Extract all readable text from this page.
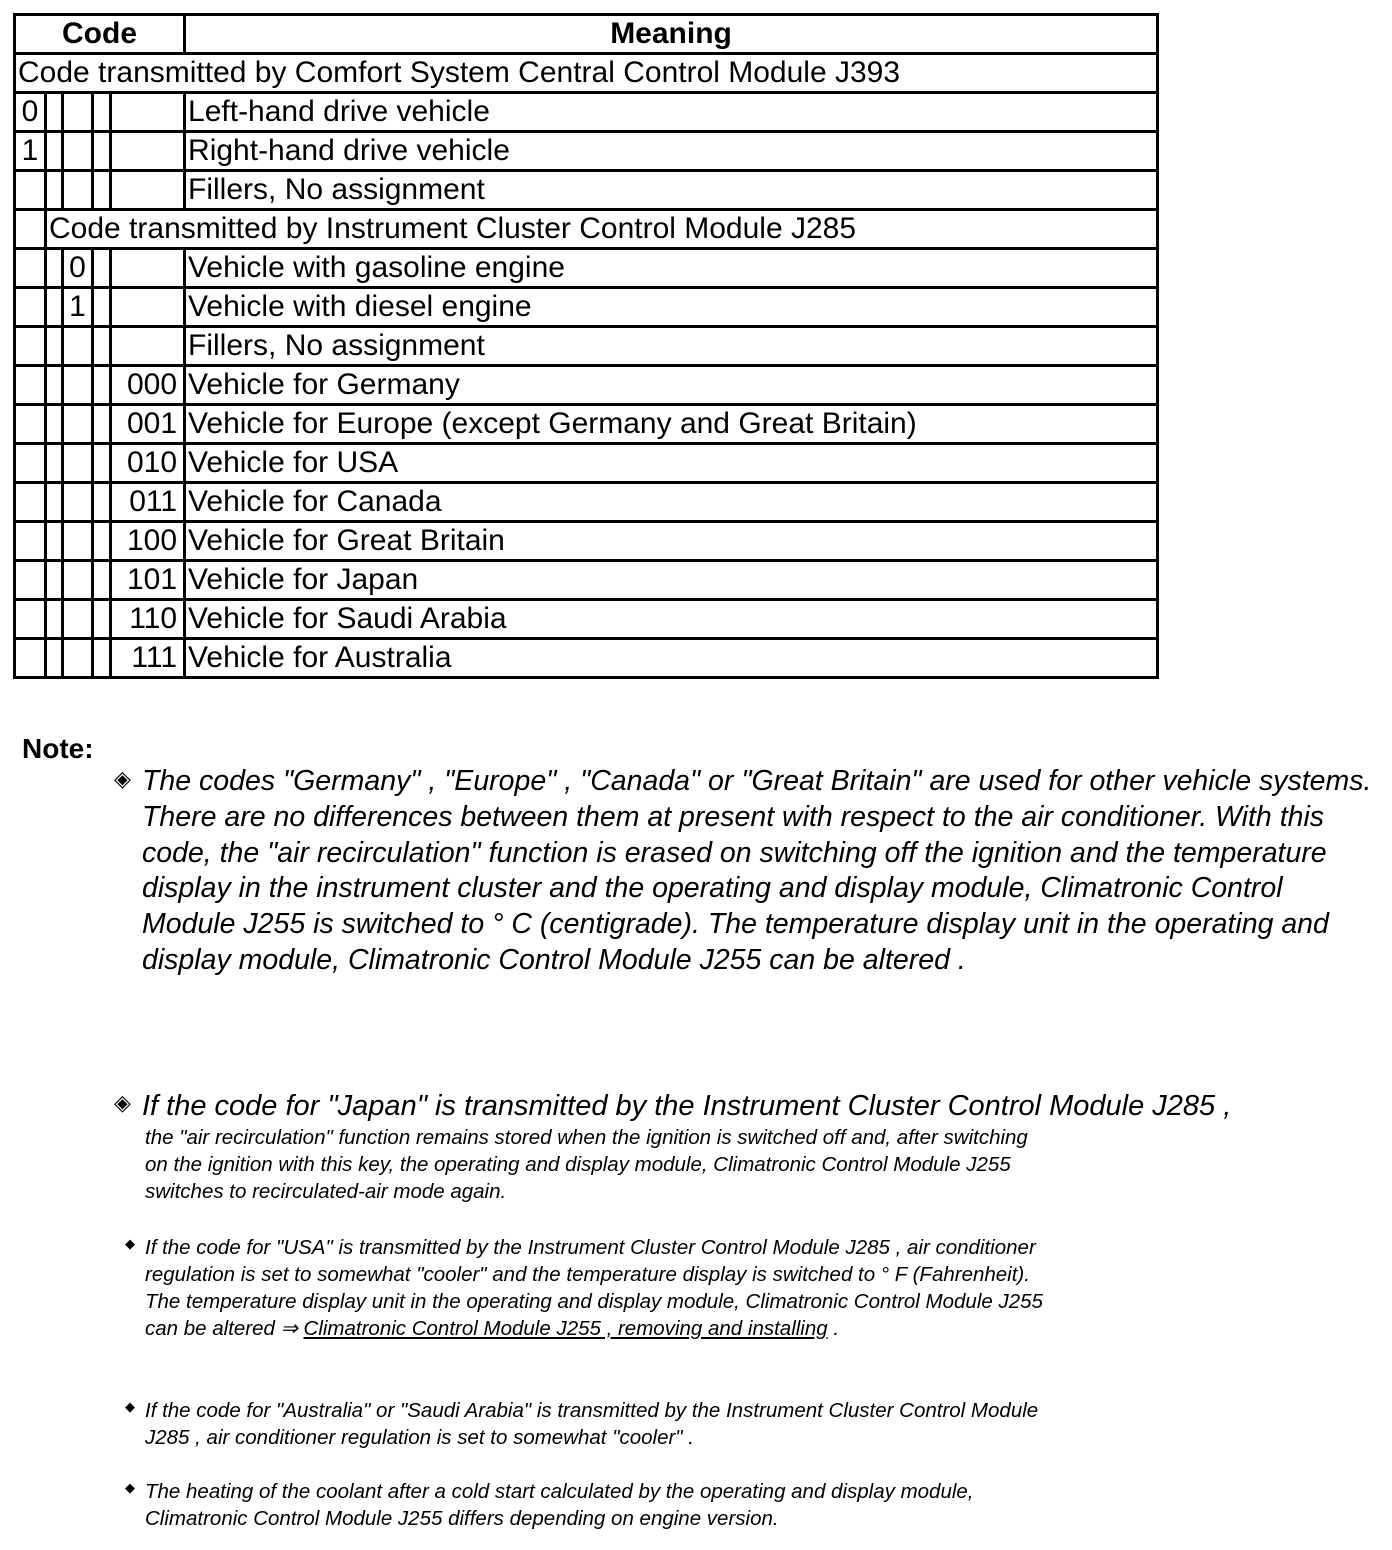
Code					Meaning
Code transmitted by Comfort System Central Control Module J393					
0					Left-hand drive vehicle
1					Right-hand drive vehicle
					Fillers, No assignment
	Code transmitted by Instrument Cluster Control Module J285				
		0			Vehicle with gasoline engine
		1			Vehicle with diesel engine
					Fillers, No assignment
				000	Vehicle for Germany
				001	Vehicle for Europe (except Germany and Great Britain)
				010	Vehicle for USA
				011	Vehicle for Canada
				100	Vehicle for Great Britain
				101	Vehicle for Japan
				110	Vehicle for Saudi Arabia
				111	Vehicle for Australia
Note:
◈ The codes "Germany" , "Europe" , "Canada" or "Great Britain" are used for other vehicle systems. There are no differences between them at present with respect to the air conditioner. With this code, the "air recirculation" function is erased on switching off the ignition and the temperature display in the instrument cluster and the operating and display module, Climatronic Control Module J255 is switched to ° C (centigrade). The temperature display unit in the operating and display module, Climatronic Control Module J255 can be altered .

◈ If the code for "Japan" is transmitted by the Instrument Cluster Control Module J285 ,
the "air recirculation" function remains stored when the ignition is switched off and, after switching on the ignition with this key, the operating and display module, Climatronic Control Module J255 switches to recirculated-air mode again.
◆ If the code for "USA" is transmitted by the Instrument Cluster Control Module J285 , air conditioner regulation is set to somewhat "cooler" and the temperature display is switched to ° F (Fahrenheit). The temperature display unit in the operating and display module, Climatronic Control Module J255 can be altered ⇒ Climatronic Control Module J255 , removing and installing .

◆ If the code for "Australia" or "Saudi Arabia" is transmitted by the Instrument Cluster Control Module J285 , air conditioner regulation is set to somewhat "cooler" .

◆ The heating of the coolant after a cold start calculated by the operating and display module, Climatronic Control Module J255 differs depending on engine version.
